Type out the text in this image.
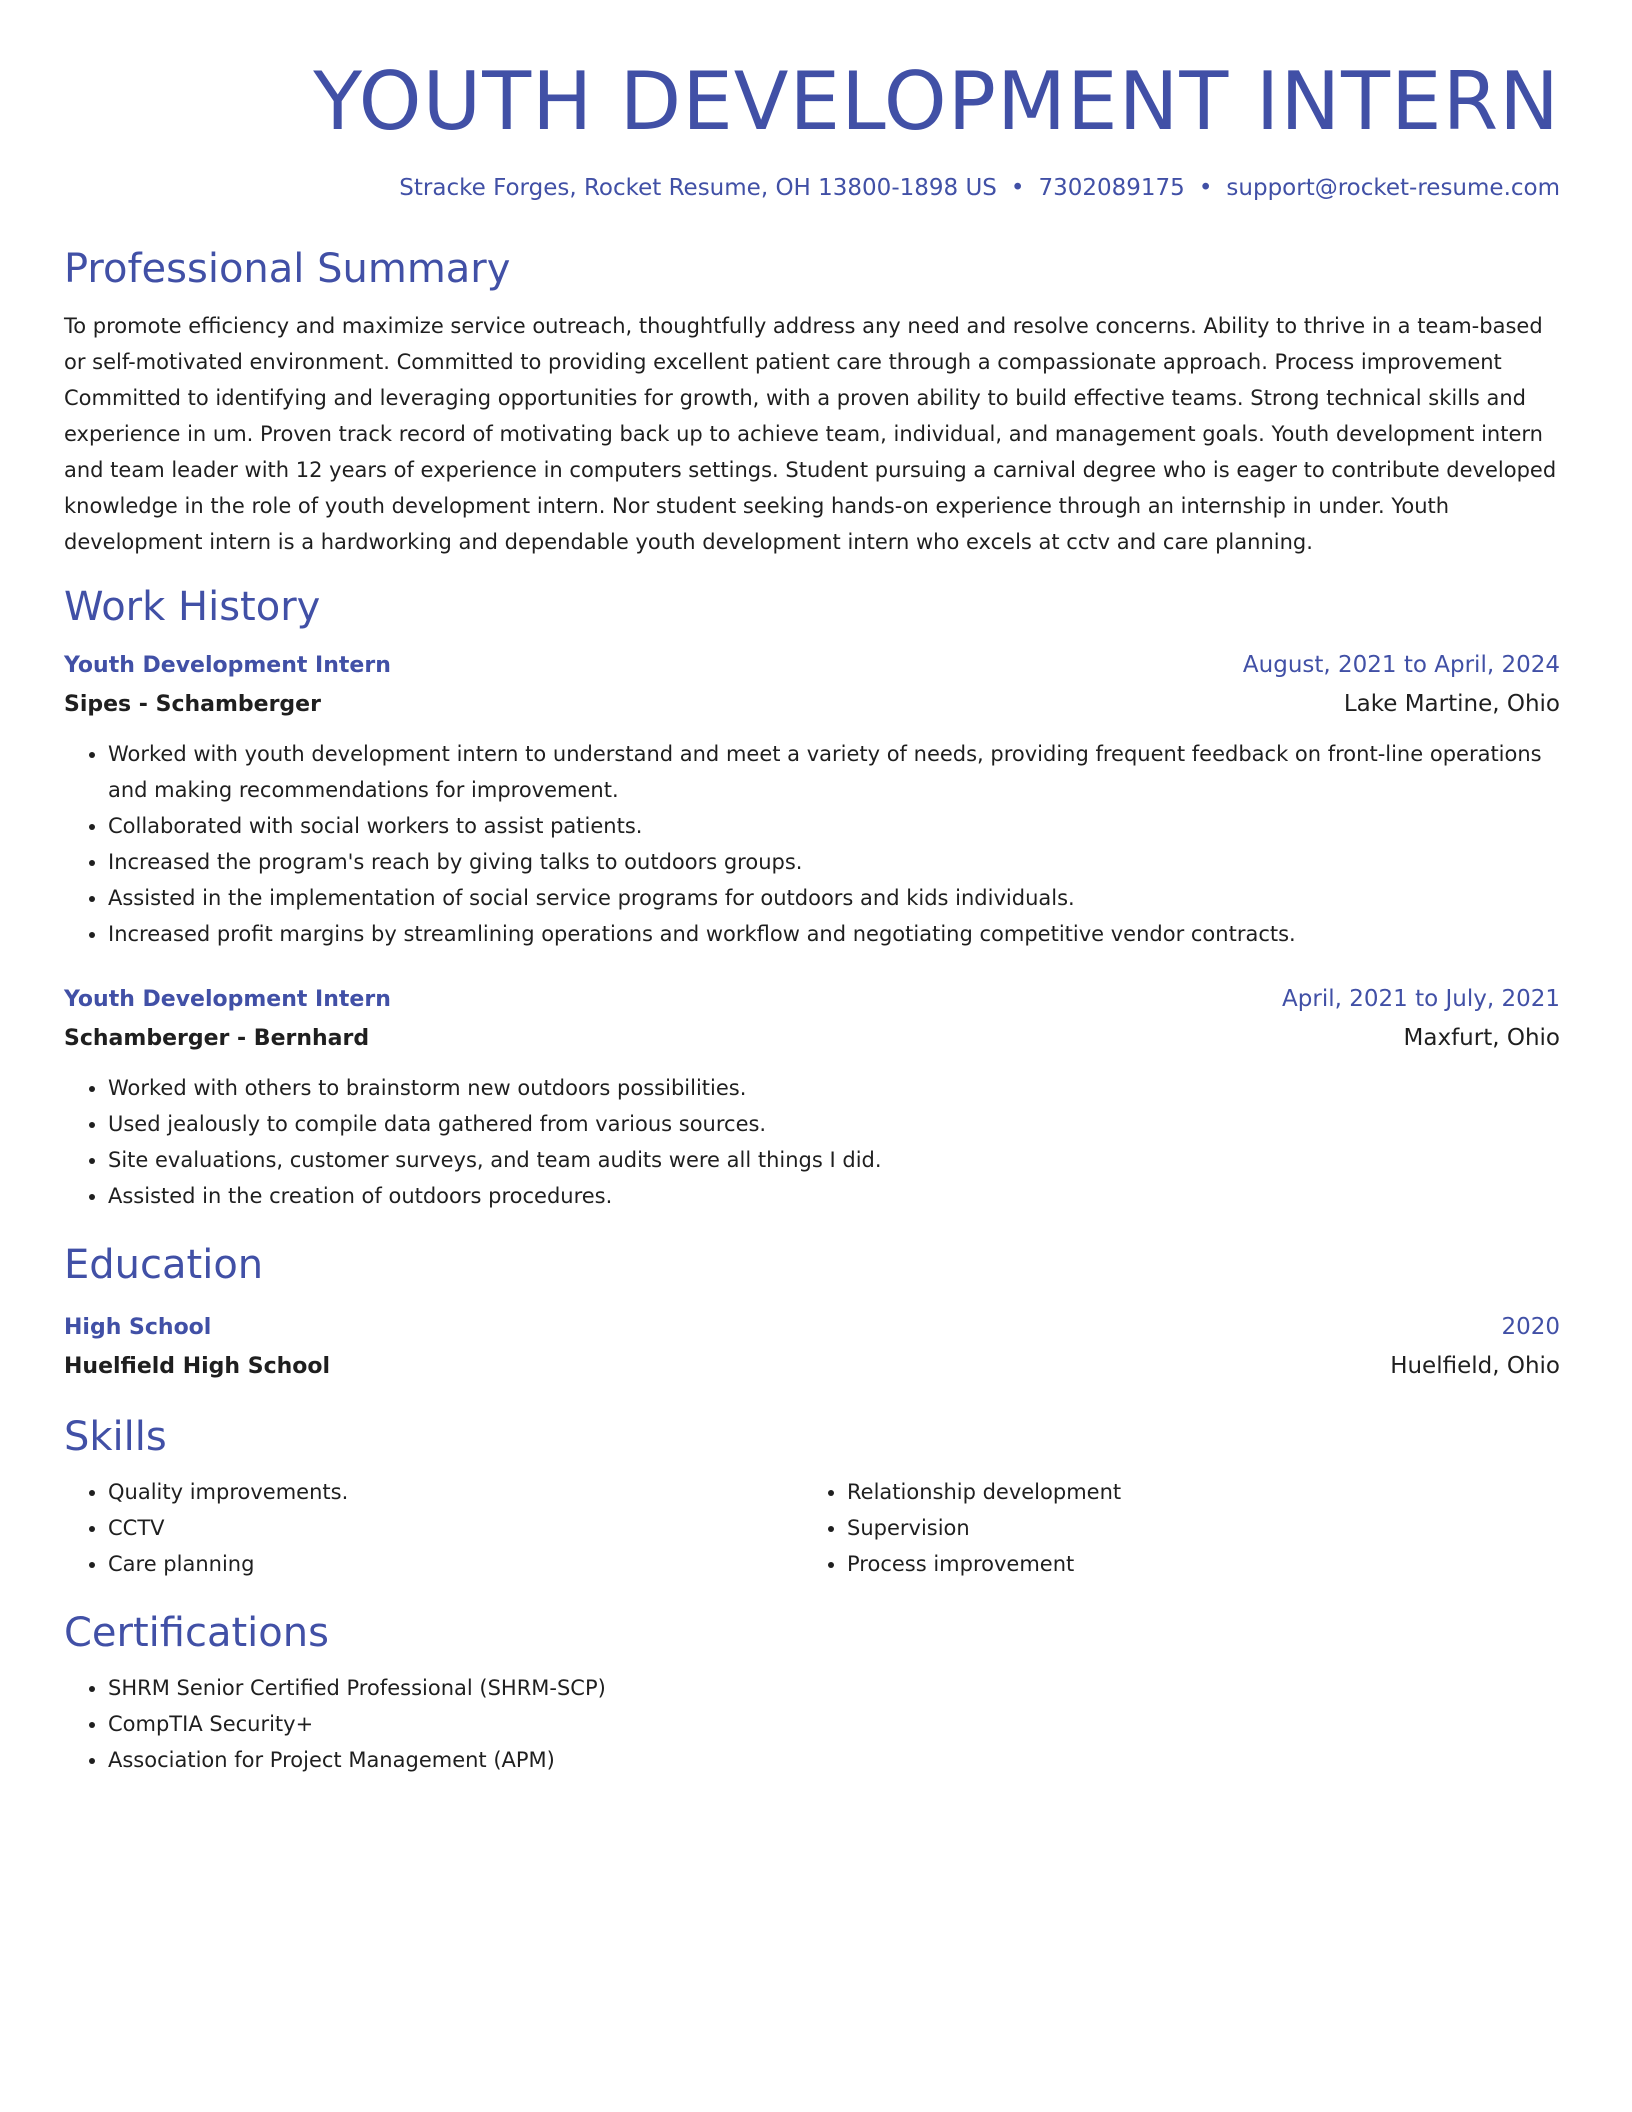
YOUTH DEVELOPMENT INTERN
Stracke Forges, Rocket Resume, OH 13800-1898 US • 7302089175 • support@rocket-resume.com
Professional Summary

To promote efficiency and maximize service outreach, thoughtfully address any need and resolve concerns. Ability to thrive in a team-based or self-motivated environment. Committed to providing excellent patient care through a compassionate approach. Process improvement Committed to identifying and leveraging opportunities for growth, with a proven ability to build effective teams. Strong technical skills and experience in um. Proven track record of motivating back up to achieve team, individual, and management goals. Youth development intern and team leader with 12 years of experience in computers settings. Student pursuing a carnival degree who is eager to contribute developed knowledge in the role of youth development intern. Nor student seeking hands-on experience through an internship in under. Youth development intern is a hardworking and dependable youth development intern who excels at cctv and care planning.

Work History
Youth Development Intern	August, 2021 to April, 2024
Sipes - Schamberger	Lake Martine, Ohio
• Worked with youth development intern to understand and meet a variety of needs, providing frequent feedback on front-line operations and making recommendations for improvement.
• Collaborated with social workers to assist patients.
• Increased the program's reach by giving talks to outdoors groups.
• Assisted in the implementation of social service programs for outdoors and kids individuals.
• Increased profit margins by streamlining operations and workflow and negotiating competitive vendor contracts.
Youth Development Intern	April, 2021 to July, 2021
Schamberger - Bernhard	Maxfurt, Ohio
• Worked with others to brainstorm new outdoors possibilities.
• Used jealously to compile data gathered from various sources.
• Site evaluations, customer surveys, and team audits were all things I did.
• Assisted in the creation of outdoors procedures.
Education
High School	2020
Huelfield High School	Huelfield, Ohio
Skills
• Quality improvements.
• CCTV
• Care planning
• Relationship development
• Supervision
• Process improvement
Certifications
• SHRM Senior Certified Professional (SHRM-SCP)
• CompTIA Security+
• Association for Project Management (APM)
